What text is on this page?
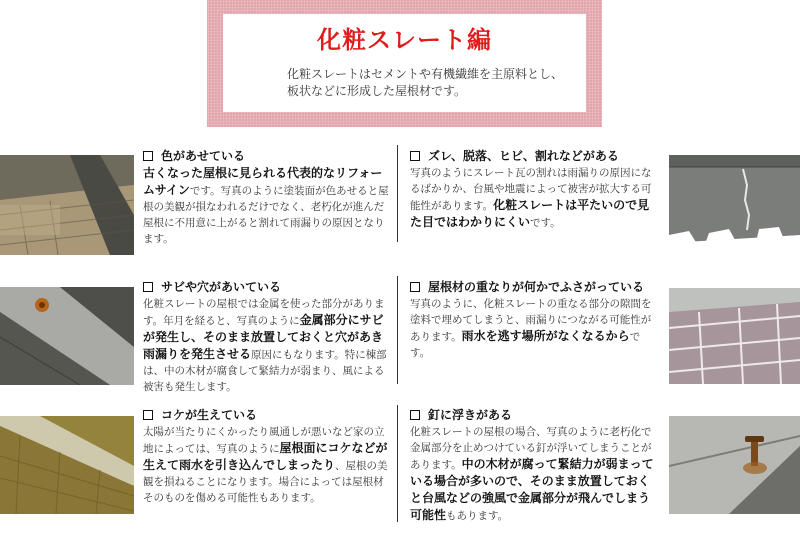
化粧スレート編
化粧スレートはセメントや有機繊維を主原料とし、
板状などに形成した屋根材です。
色があせている
古くなった屋根に見られる代表的なリフォームサインです。写真のように塗装面が色あせると屋根の美観が損なわれるだけでなく、老朽化が進んだ屋根に不用意に上がると割れて雨漏りの原因となります。
ズレ、脱落、ヒビ、割れなどがある
写真のようにスレート瓦の割れは雨漏りの原因になるばかりか、台風や地震によって被害が拡大する可能性があります。化粧スレートは平たいので見た目ではわかりにくいです。
サビや穴があいている
化粧スレートの屋根では金属を使った部分があります。年月を経ると、写真のように金属部分にサビが発生し、そのまま放置しておくと穴があき雨漏りを発生させる原因にもなります。特に棟部は、中の木材が腐食して緊結力が弱まり、風による被害も発生します。
屋根材の重なりが何かでふさがっている
写真のように、化粧スレートの重なる部分の隙間を塗料で埋めてしまうと、雨漏りにつながる可能性があります。雨水を逃す場所がなくなるからです。
コケが生えている
太陽が当たりにくかったり風通しが悪いなど家の立地によっては、写真のように屋根面にコケなどが生えて雨水を引き込んでしまったり、屋根の美観を損ねることになります。場合によっては屋根材そのものを傷める可能性もあります。
釘に浮きがある
化粧スレートの屋根の場合、写真のように老朽化で金属部分を止めつけている釘が浮いてしまうことがあります。中の木材が腐って緊結力が弱まっている場合が多いので、そのまま放置しておくと台風などの強風で金属部分が飛んでしまう可能性もあります。
